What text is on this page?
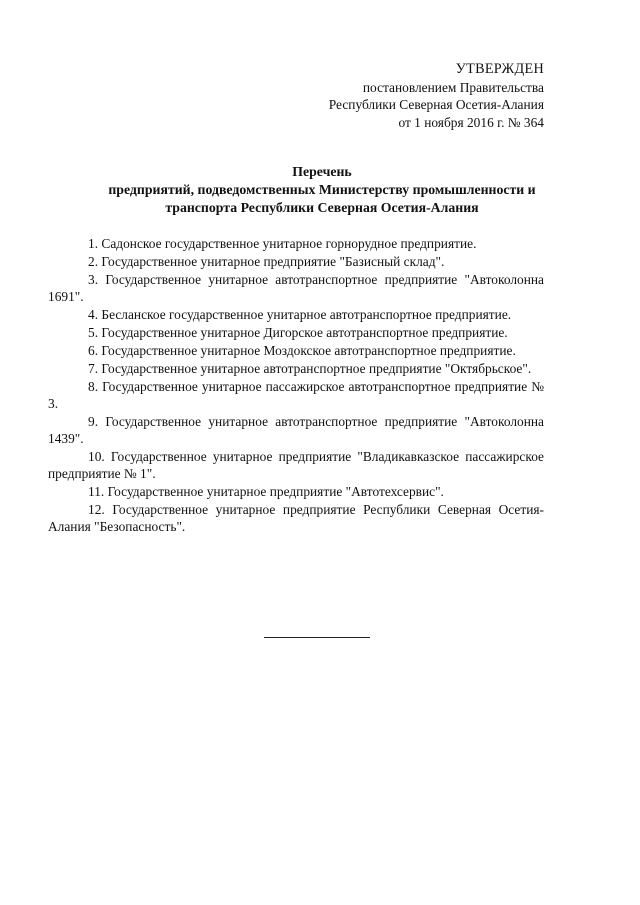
УТВЕРЖДЕН
постановлением Правительства
Республики Северная Осетия-Алания
от 1 ноября 2016 г. № 364
Перечень
предприятий, подведомственных Министерству промышленности и
транспорта Республики Северная Осетия-Алания

1. Садонское государственное унитарное горнорудное предприятие.

2. Государственное унитарное предприятие "Базисный склад".

3. Государственное унитарное автотранспортное предприятие "Автоколонна 1691".

4. Бесланское государственное унитарное автотранспортное предприятие.

5. Государственное унитарное Дигорское автотранспортное предприятие.

6. Государственное унитарное Моздокское автотранспортное предприятие.

7. Государственное унитарное автотранспортное предприятие "Октябрьское".

8. Государственное унитарное пассажирское автотранспортное предприятие № 3.

9. Государственное унитарное автотранспортное предприятие "Автоколонна 1439".

10. Государственное унитарное предприятие "Владикавказское пассажирское предприятие № 1".

11. Государственное унитарное предприятие "Автотехсервис".

12. Государственное унитарное предприятие Республики Северная Осетия-Алания "Безопасность".
